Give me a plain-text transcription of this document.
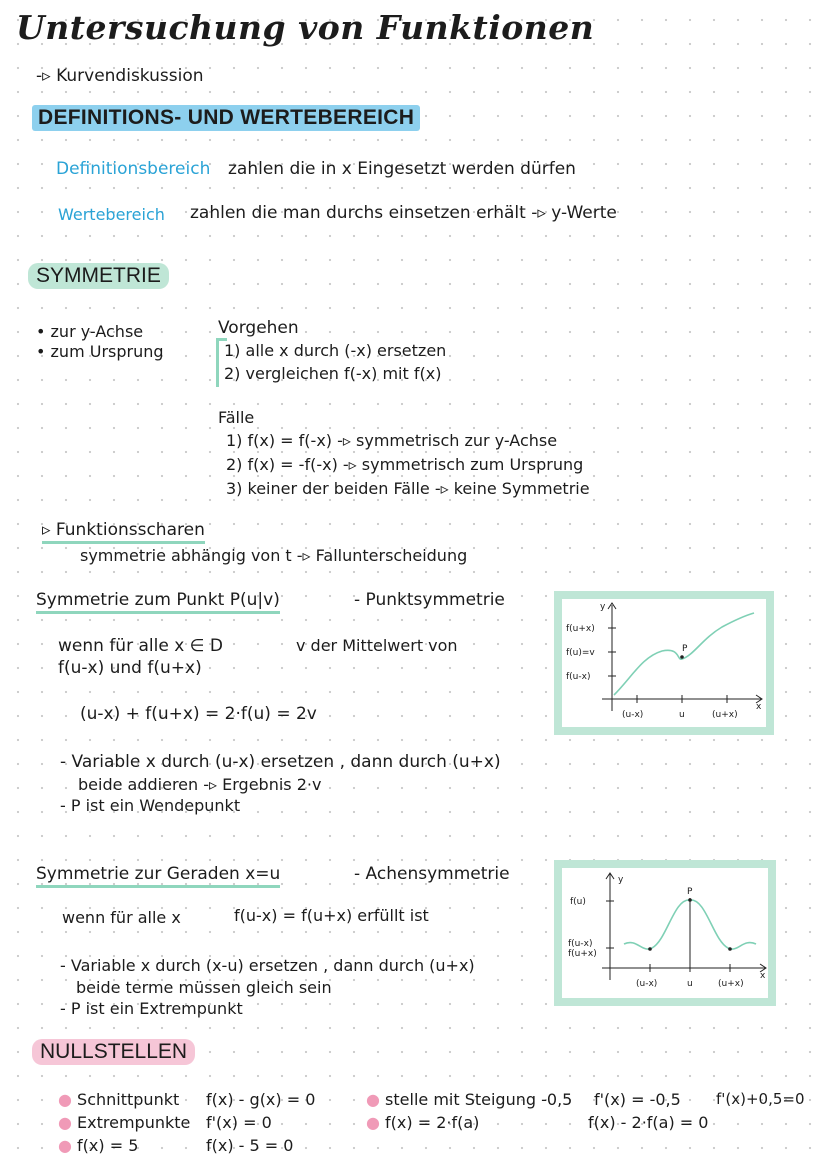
Untersuchung von Funktionen
-▹ Kurvendiskussion
DEFINITIONS- UND WERTEBEREICH
Definitionsbereich zahlen die in x Eingesetzt werden dürfen
Wertebereich zahlen die man durchs einsetzen erhält -▹ y-Werte
SYMMETRIE
• zur y-Achse
• zum Ursprung
Vorgehen
1) alle x durch (-x) ersetzen
2) vergleichen f(-x) mit f(x)
Fälle
1) f(x) = f(-x) -▹ symmetrisch zur y-Achse
2) f(x) = -f(-x) -▹ symmetrisch zum Ursprung
3) keiner der beiden Fälle -▹ keine Symmetrie
▹ Funktionsscharen
symmetrie abhängig von t -▹ Fallunterscheidung
Symmetrie zum Punkt P(u|v)	- Punktsymmetrie
wenn für alle x ∈ D	v der Mittelwert von
f(u-x) und f(u+x)
(u-x) + f(u+x) = 2·f(u) = 2v
- Variable x durch (u-x) ersetzen , dann durch (u+x)
beide addieren -▹ Ergebnis 2·v
- P ist ein Wendepunkt
y
x
f(u+x)
f(u)=v
f(u-x)
(u-x)	u	(u+x)
P
Symmetrie zur Geraden x=u	- Achensymmetrie
wenn für alle x	f(u-x) = f(u+x) erfüllt ist
- Variable x durch (x-u) ersetzen , dann durch (u+x)
beide terme müssen gleich sein
- P ist ein Extrempunkt
y
x
P
f(u)
f(u-x)
f(u+x)
(u-x)	u	(u+x)
NULLSTELLEN
● Schnittpunkt f(x) - g(x) = 0
● Extrempunkte f'(x) = 0
● f(x) = 5	f(x) - 5 = 0
● stelle mit Steigung -0,5 f'(x) = -0,5 f'(x)+0,5=0
● f(x) = 2·f(a)	f(x) - 2·f(a) = 0
